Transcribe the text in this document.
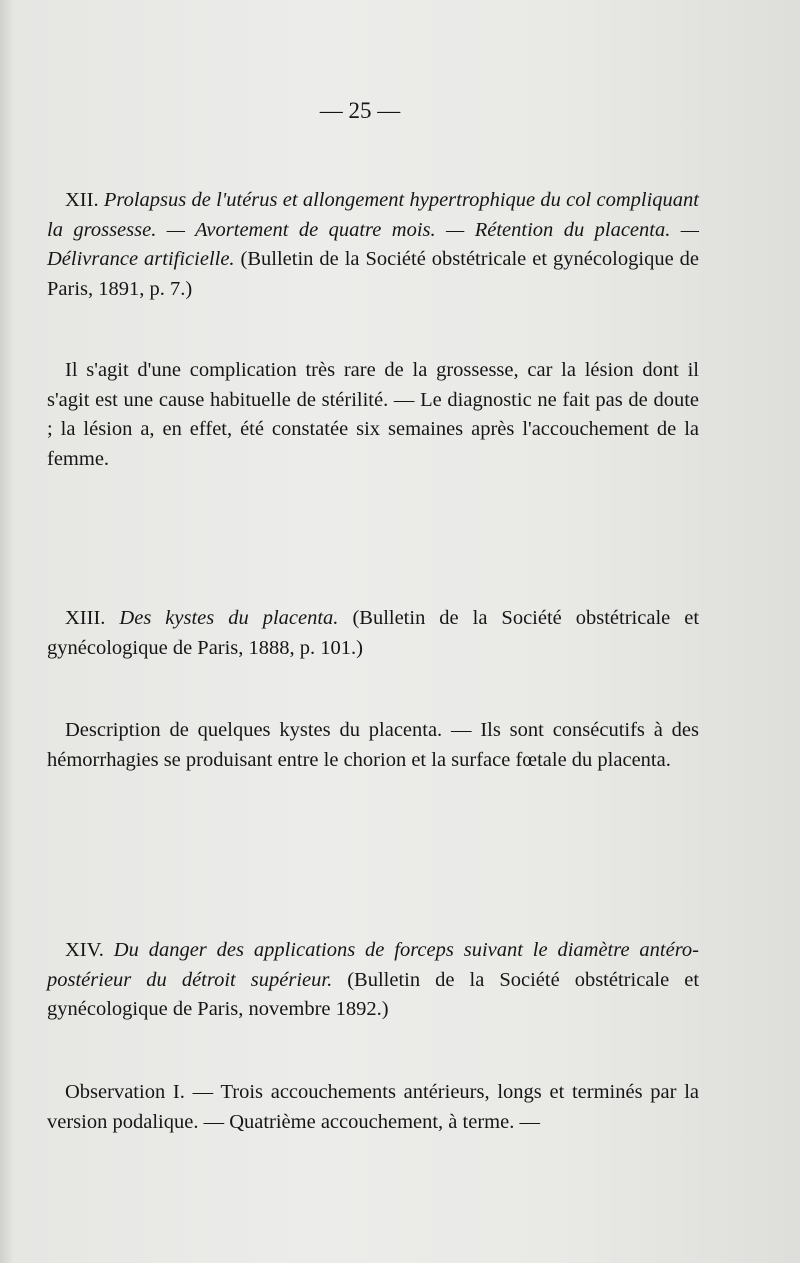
— 25 —

XII. Prolapsus de l'utérus et allongement hypertrophique du col compliquant la grossesse. — Avortement de quatre mois. — Rétention du placenta. — Délivrance artificielle. (Bulletin de la Société obstétricale et gynécologique de Paris, 1891, p. 7.)

Il s'agit d'une complication très rare de la grossesse, car la lésion dont il s'agit est une cause habituelle de stérilité. — Le diagnostic ne fait pas de doute ; la lésion a, en effet, été constatée six semaines après l'accouchement de la femme.

XIII. Des kystes du placenta. (Bulletin de la Société obstétricale et gynécologique de Paris, 1888, p. 101.)

Description de quelques kystes du placenta. — Ils sont consécutifs à des hémorrhagies se produisant entre le chorion et la surface fœtale du placenta.

XIV. Du danger des applications de forceps suivant le diamètre antéro-postérieur du détroit supérieur. (Bulletin de la Société obstétricale et gynécologique de Paris, novembre 1892.)

Observation I. — Trois accouchements antérieurs, longs et terminés par la version podalique. — Quatrième accouchement, à terme. —
